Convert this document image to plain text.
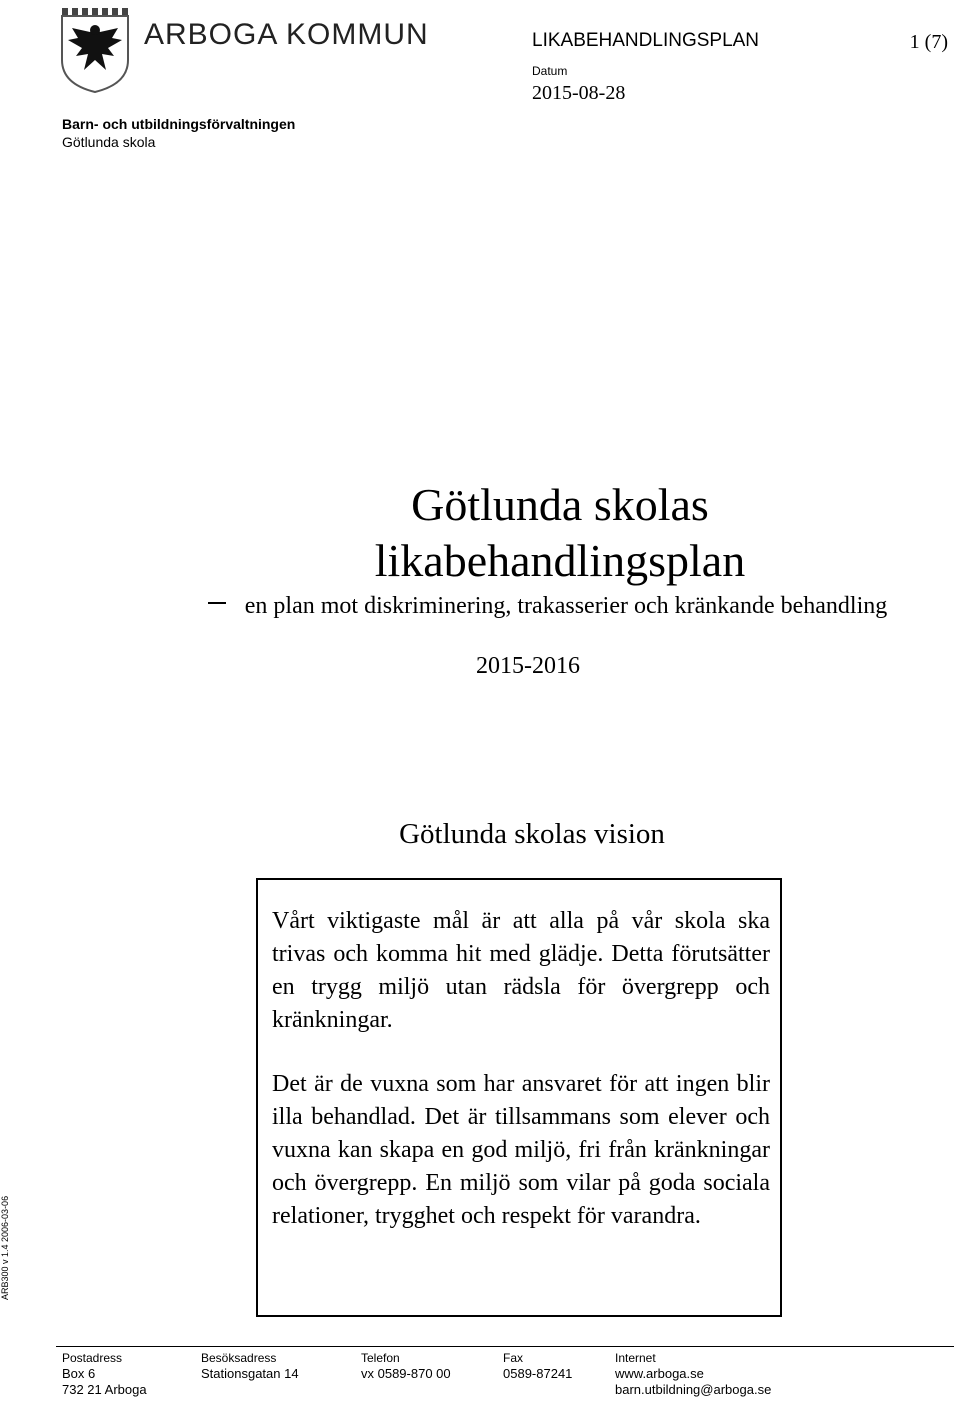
ARBOGA KOMMUN	LIKABEHANDLINGSPLAN	1 (7)
Datum
2015-08-28
Barn- och utbildningsförvaltningen
Götlunda skola
Götlunda skolas
likabehandlingsplan
en plan mot diskriminering, trakasserier och kränkande behandling
2015-2016
Götlunda skolas vision

Vårt viktigaste mål är att alla på vår skola ska trivas och komma hit med glädje. Detta förutsätter en trygg miljö utan rädsla för övergrepp och kränkningar.

Det är de vuxna som har ansvaret för att ingen blir illa behandlad. Det är tillsammans som elever och vuxna kan skapa en god miljö, fri från kränkningar och övergrepp. En miljö som vilar på goda sociala relationer, trygghet och respekt för varandra.

ARB300 v 1.4 2006-03-06
Postadress
Box 6
732 21 Arboga
Besöksadress
Stationsgatan 14
Telefon
vx 0589-870 00
Fax
0589-87241
Internet
www.arboga.se
barn.utbildning@arboga.se
